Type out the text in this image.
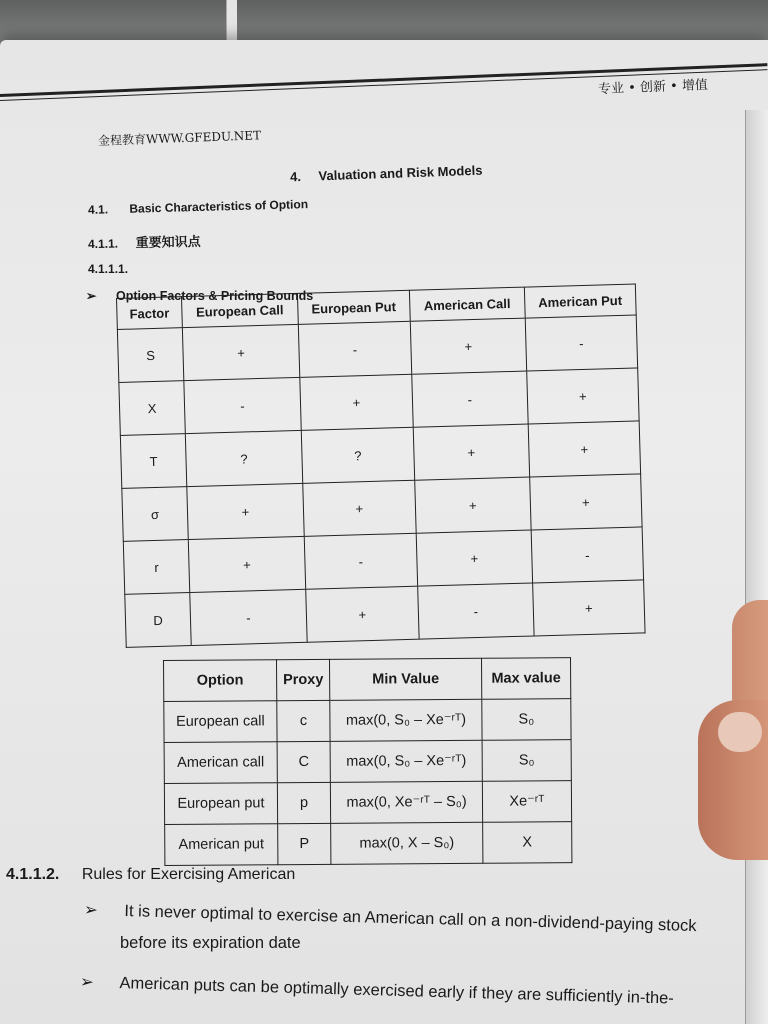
专业 • 创新 • 增值
金程教育WWW.GFEDU.NET
4. Valuation and Risk Models
4.1. Basic Characteristics of Option
4.1.1. 重要知识点
4.1.1.1.
➢ Option Factors & Pricing Bounds
Factor	European Call	European Put	American Call	American Put
S	+	-	+	-
X	-	+	-	+
T	?	?	+	+
σ	+	+	+	+
r	+	-	+	-
D	-	+	-	+
Option	Proxy	Min Value	Max value
European call	c	max(0, S₀ – Xe⁻ʳᵀ)	S₀
American call	C	max(0, S₀ – Xe⁻ʳᵀ)	S₀
European put	p	max(0, Xe⁻ʳᵀ – S₀)	Xe⁻ʳᵀ
American put	P	max(0, X – S₀)	X
4.1.1.2. Rules for Exercising American
➢ It is never optimal to exercise an American call on a non-dividend-paying stock
before its expiration date
➢ American puts can be optimally exercised early if they are sufficiently in-the-
